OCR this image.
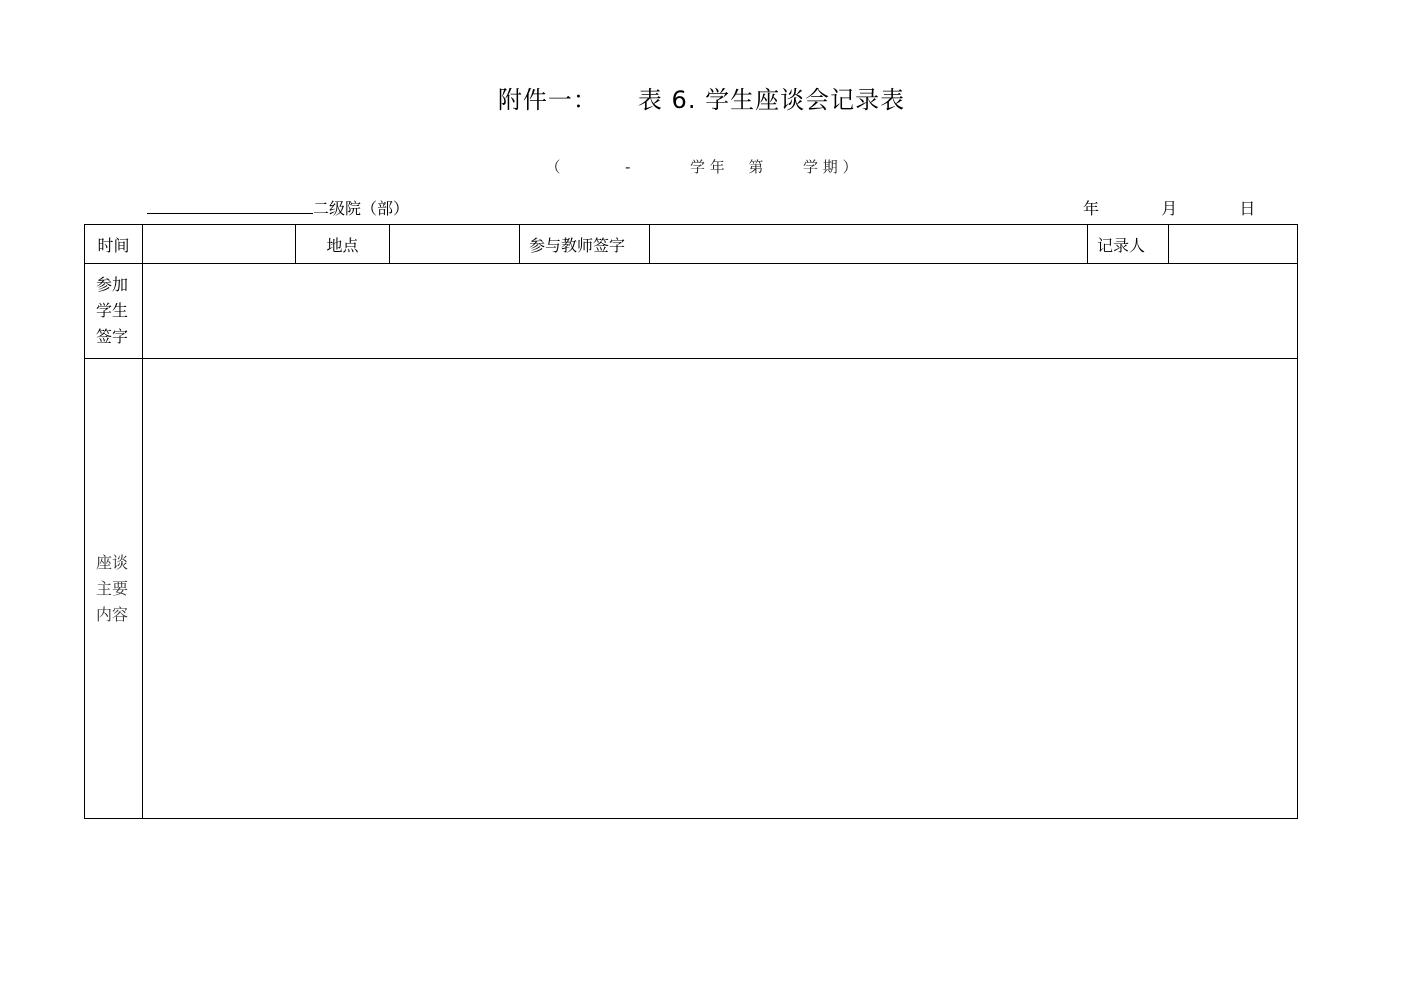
附件一： 表 6. 学生座谈会记录表
（	-	学 年 第	学 期 ）
二级院（部）	年	月	日
时间		地点		参与教师签字		记录人	

参加
学生
签字							

座谈
主要
内容							
